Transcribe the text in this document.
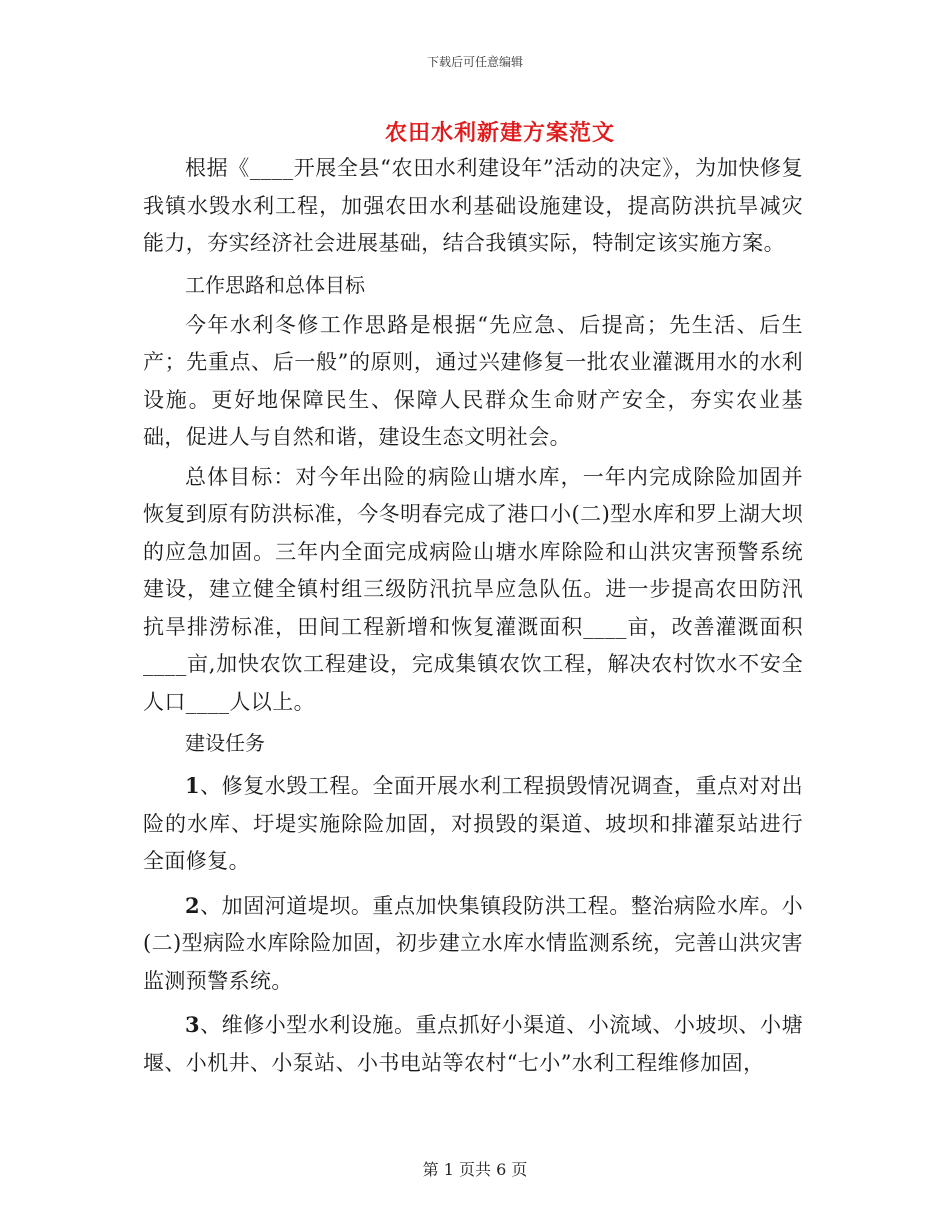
下载后可任意编辑
农田水利新建方案范文

根据《____开展全县“农田水利建设年”活动的决定》，为加快修复我镇水毁水利工程，加强农田水利基础设施建设，提高防洪抗旱减灾能力，夯实经济社会进展基础，结合我镇实际，特制定该实施方案。

工作思路和总体目标

今年水利冬修工作思路是根据“先应急、后提高；先生活、后生产；先重点、后一般”的原则，通过兴建修复一批农业灌溉用水的水利设施。更好地保障民生、保障人民群众生命财产安全，夯实农业基础，促进人与自然和谐，建设生态文明社会。

总体目标：对今年出险的病险山塘水库，一年内完成除险加固并恢复到原有防洪标准，今冬明春完成了港口小(二)型水库和罗上湖大坝的应急加固。三年内全面完成病险山塘水库除险和山洪灾害预警系统建设，建立健全镇村组三级防汛抗旱应急队伍。进一步提高农田防汛抗旱排涝标准，田间工程新增和恢复灌溉面积____亩，改善灌溉面积____亩,加快农饮工程建设，完成集镇农饮工程，解决农村饮水不安全人口____人以上。

建设任务

1、修复水毁工程。全面开展水利工程损毁情况调查，重点对对出险的水库、圩堤实施除险加固，对损毁的渠道、坡坝和排灌泵站进行全面修复。

2、加固河道堤坝。重点加快集镇段防洪工程。整治病险水库。小(二)型病险水库除险加固，初步建立水库水情监测系统，完善山洪灾害监测预警系统。

3、维修小型水利设施。重点抓好小渠道、小流域、小坡坝、小塘堰、小机井、小泵站、小书电站等农村“七小”水利工程维修加固，

第 1 页共 6 页
